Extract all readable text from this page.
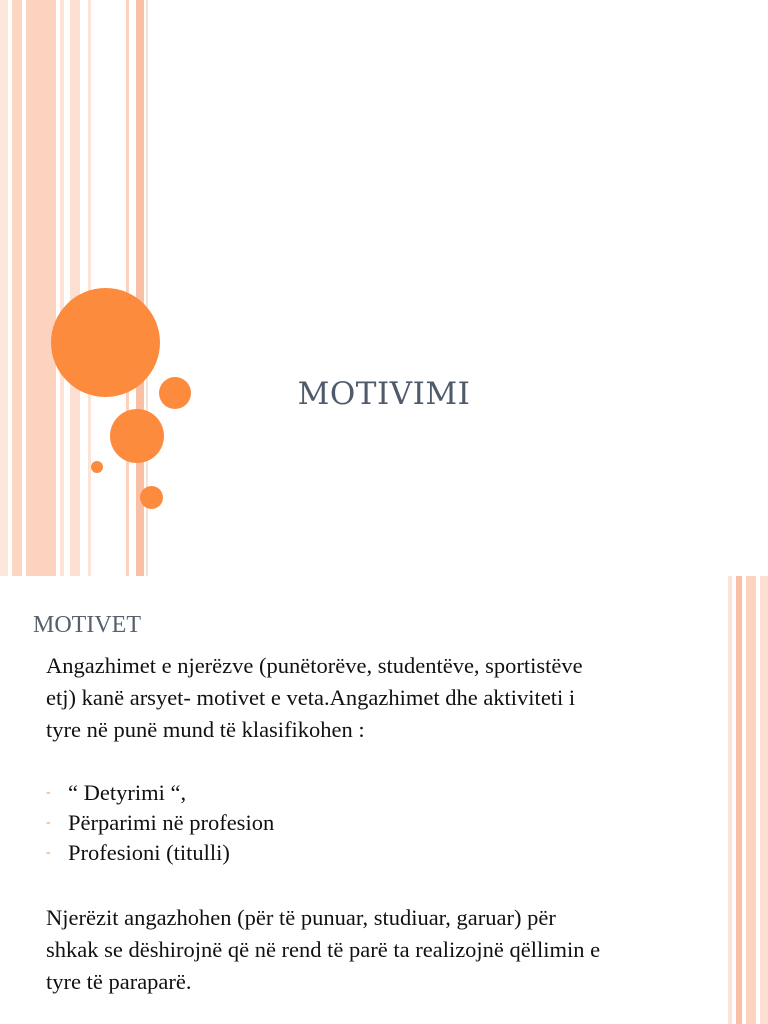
MOTIVIMI
MOTIVET

Angazhimet e njerëzve (punëtorëve, studentëve, sportistëve etj) kanë arsyet- motivet e veta.Angazhimet dhe aktiviteti i tyre në punë mund të klasifikohen :

- “ Detyrimi “,
- Përparimi në profesion
- Profesioni (titulli)

Njerëzit angazhohen (për të punuar, studiuar, garuar) për shkak se dëshirojnë që në rend të parë ta realizojnë qëllimin e tyre të paraparë.
